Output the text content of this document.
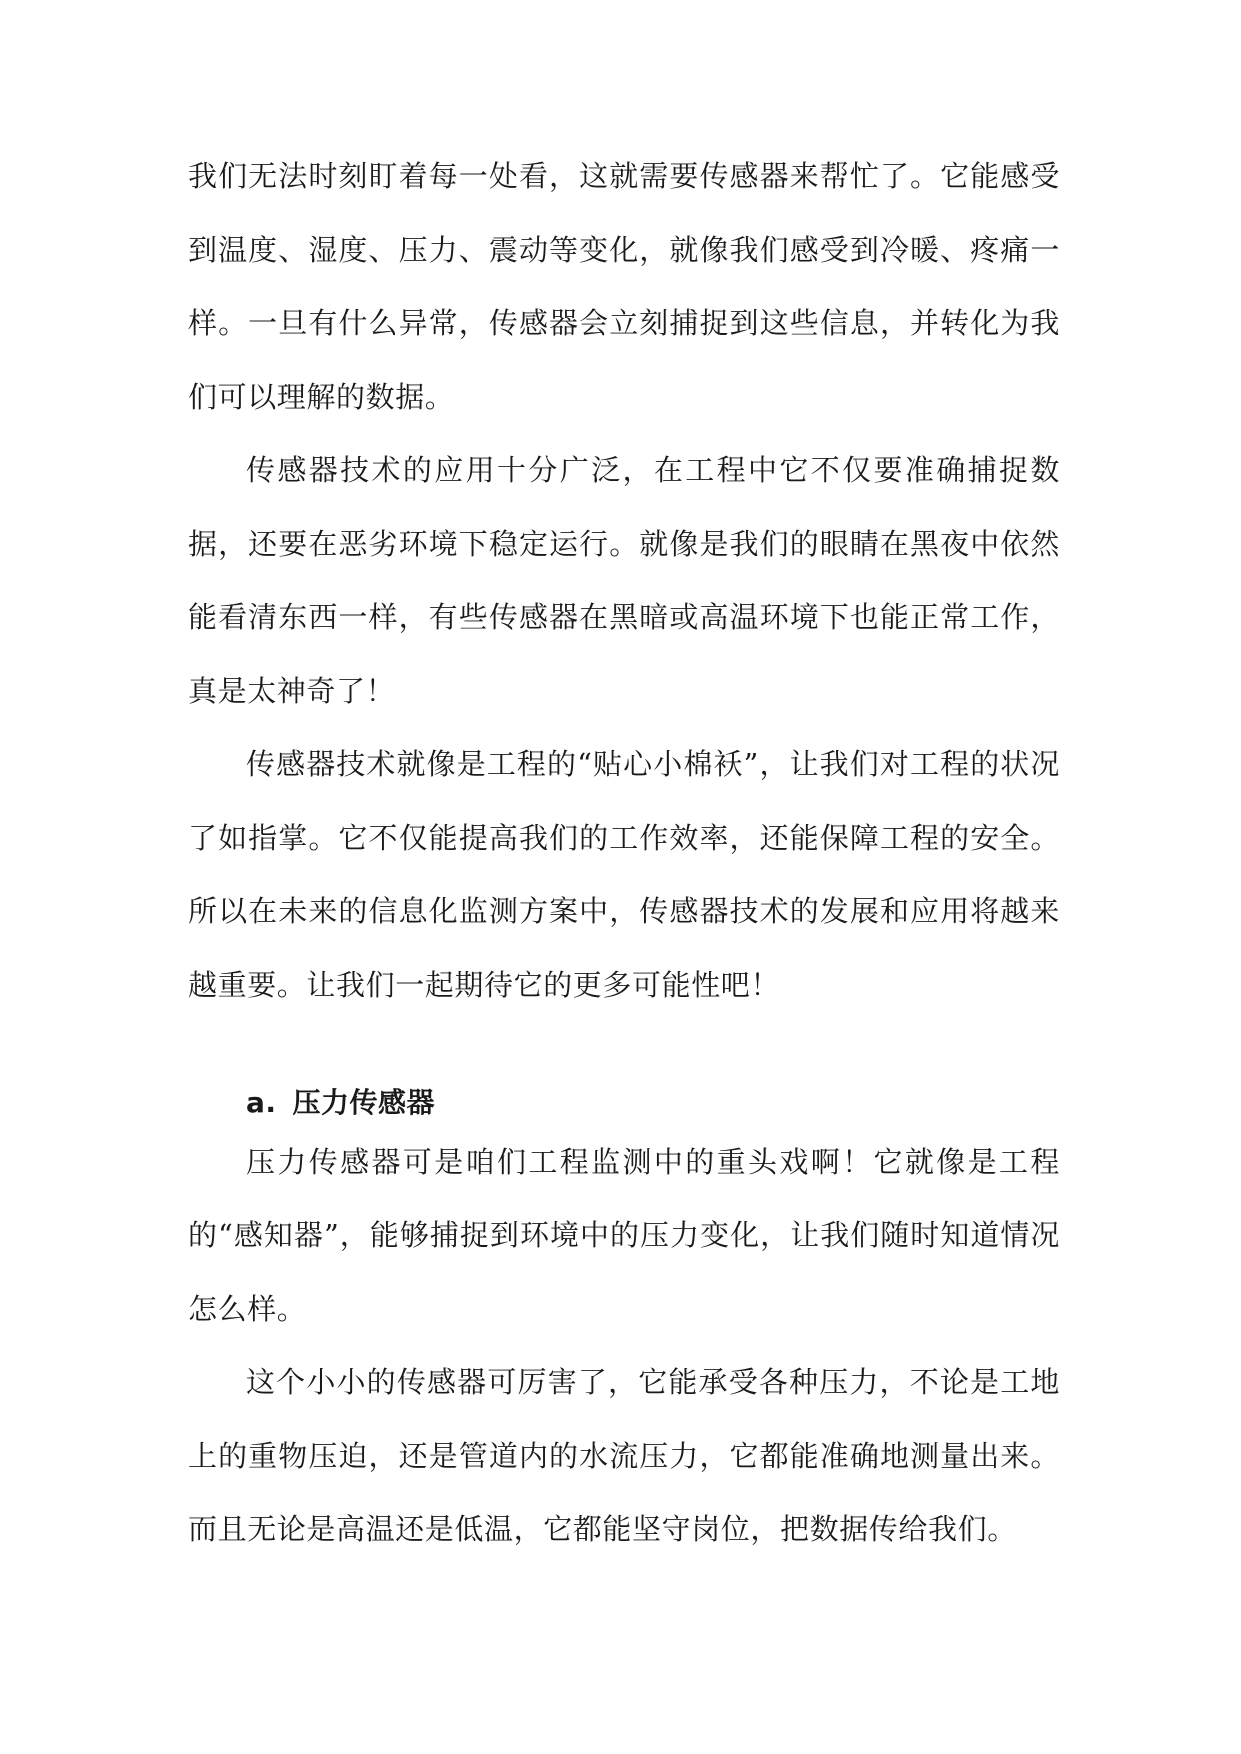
我们无法时刻盯着每一处看，这就需要传感器来帮忙了。它能感受到温度、湿度、压力、震动等变化，就像我们感受到冷暖、疼痛一样。一旦有什么异常，传感器会立刻捕捉到这些信息，并转化为我们可以理解的数据。

传感器技术的应用十分广泛，在工程中它不仅要准确捕捉数据，还要在恶劣环境下稳定运行。就像是我们的眼睛在黑夜中依然能看清东西一样，有些传感器在黑暗或高温环境下也能正常工作，真是太神奇了！

传感器技术就像是工程的“贴心小棉袄”，让我们对工程的状况了如指掌。它不仅能提高我们的工作效率，还能保障工程的安全。所以在未来的信息化监测方案中，传感器技术的发展和应用将越来越重要。让我们一起期待它的更多可能性吧！

a. 压力传感器

压力传感器可是咱们工程监测中的重头戏啊！它就像是工程的“感知器”，能够捕捉到环境中的压力变化，让我们随时知道情况怎么样。

这个小小的传感器可厉害了，它能承受各种压力，不论是工地上的重物压迫，还是管道内的水流压力，它都能准确地测量出来。而且无论是高温还是低温，它都能坚守岗位，把数据传给我们。
